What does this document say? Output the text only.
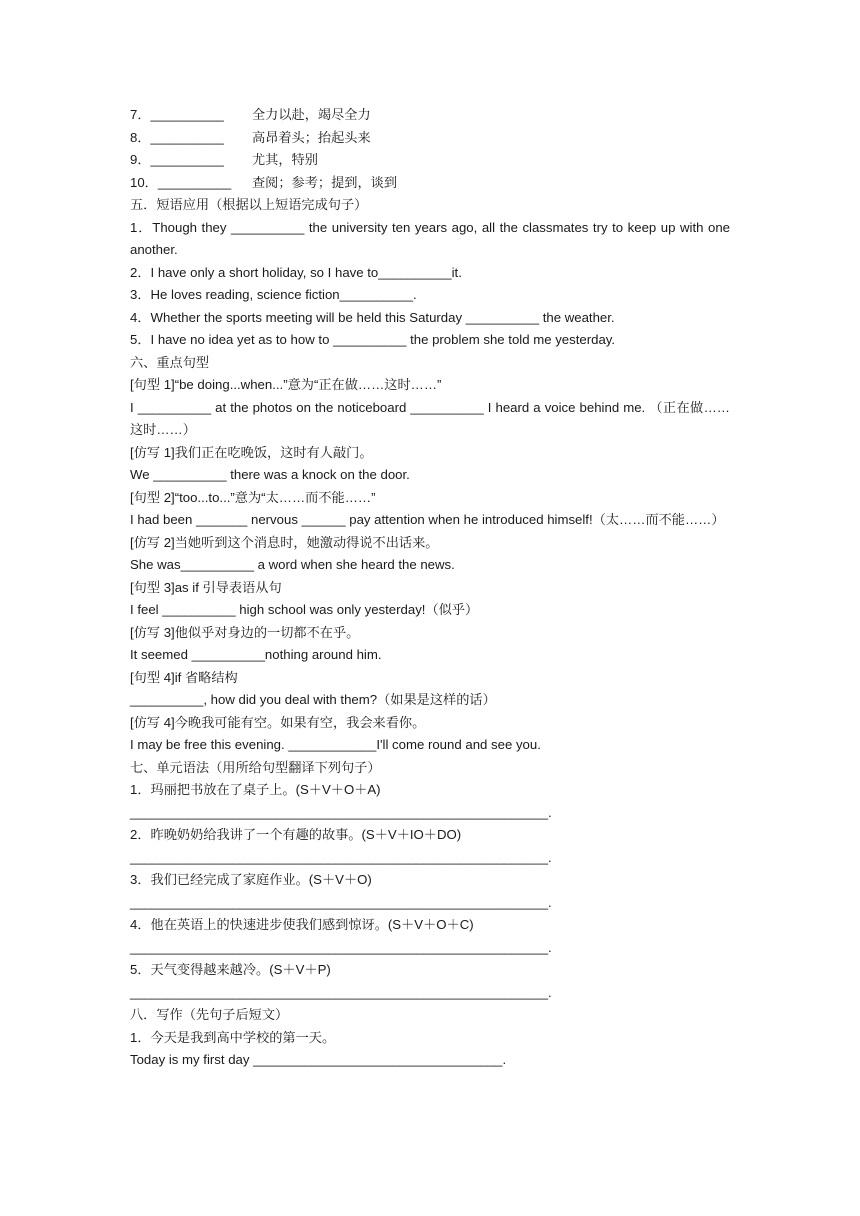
7．__________	全力以赴，竭尽全力
8．__________	高昂着头；抬起头来
9．__________	尤其，特别
10．__________	查阅；参考；提到，谈到
五．短语应用（根据以上短语完成句子）
1．Though they __________ the university ten years ago, all the classmates try to keep up with one another.
2．I have only a short holiday, so I have to__________it.
3．He loves reading, science fiction__________.
4．Whether the sports meeting will be held this Saturday __________ the weather.
5．I have no idea yet as to how to __________ the problem she told me yesterday.
六、重点句型
[句型 1]“be doing...when...”意为“正在做……这时……”
I __________ at the photos on the noticeboard __________ I heard a voice behind me. （正在做……这时……）
[仿写 1]我们正在吃晚饭，这时有人敲门。
We __________ there was a knock on the door.
[句型 2]“too...to...”意为“太……而不能……”
I had been _______ nervous ______ pay attention when he introduced himself!（太……而不能……）
[仿写 2]当她听到这个消息时，她激动得说不出话来。
She was__________ a word when she heard the news.
[句型 3]as if 引导表语从句
I feel __________ high school was only yesterday!（似乎）
[仿写 3]他似乎对身边的一切都不在乎。
It seemed __________nothing around him.
[句型 4]if 省略结构
__________, how did you deal with them?（如果是这样的话）
[仿写 4]今晚我可能有空。如果有空，我会来看你。
I may be free this evening. ____________I'll come round and see you.
七、单元语法（用所给句型翻译下列句子）
1．玛丽把书放在了桌子上。(S＋V＋O＋A)
_________________________________________________________.
2．昨晚奶奶给我讲了一个有趣的故事。(S＋V＋IO＋DO)
_________________________________________________________.
3．我们已经完成了家庭作业。(S＋V＋O)
_________________________________________________________.
4．他在英语上的快速进步使我们感到惊讶。(S＋V＋O＋C)
_________________________________________________________.
5．天气变得越来越冷。(S＋V＋P)
_________________________________________________________.
八．写作（先句子后短文）
1．今天是我到高中学校的第一天。
Today is my first day __________________________________.
